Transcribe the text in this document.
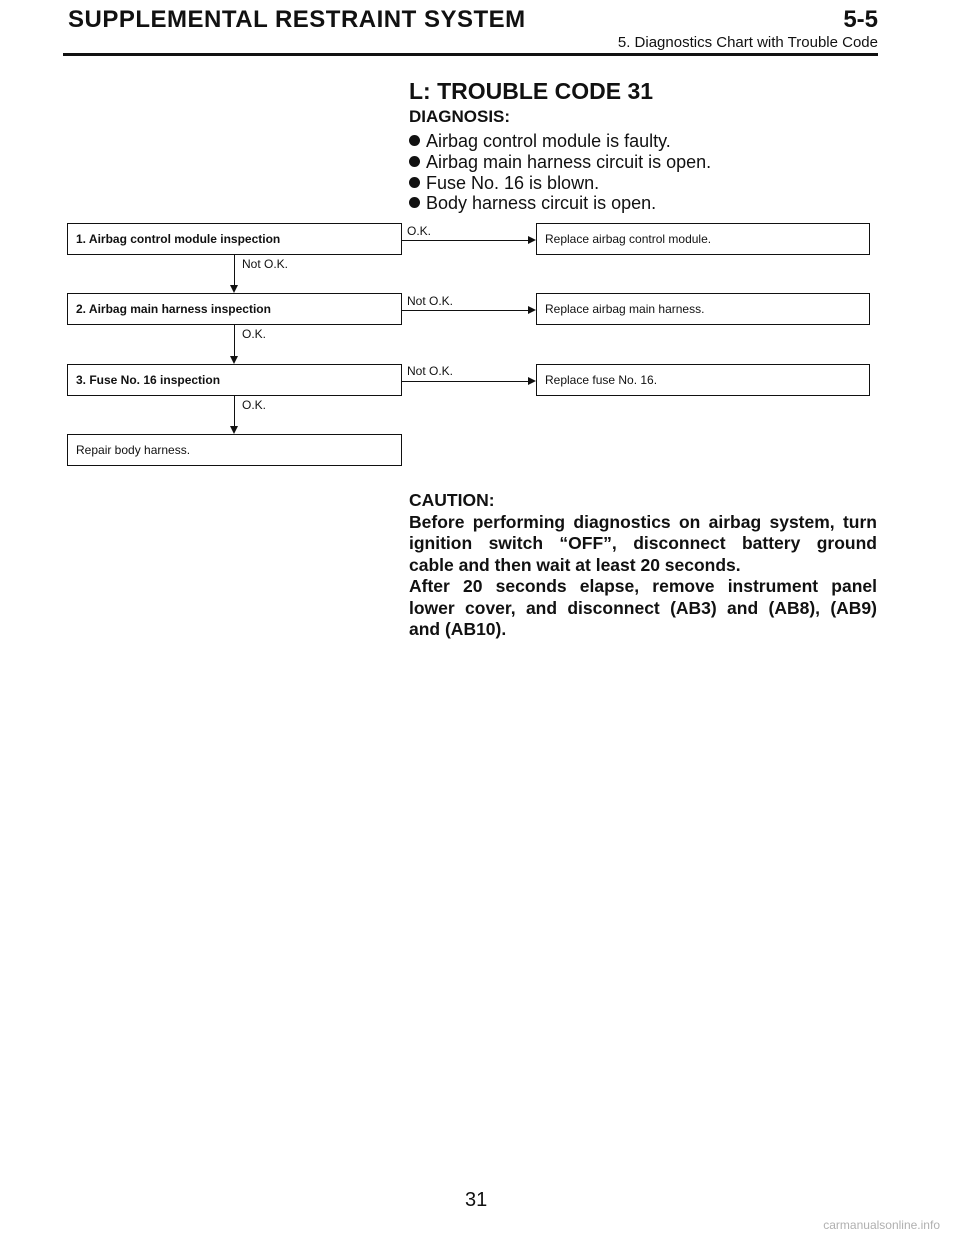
SUPPLEMENTAL RESTRAINT SYSTEM	5-5
5. Diagnostics Chart with Trouble Code
L: TROUBLE CODE 31
DIAGNOSIS:
Airbag control module is faulty.
Airbag main harness circuit is open.
Fuse No. 16 is blown.
Body harness circuit is open.
1. Airbag control module inspection
O.K.
Replace airbag control module.
Not O.K.
2. Airbag main harness inspection
Not O.K.
Replace airbag main harness.
O.K.
3. Fuse No. 16 inspection
Not O.K.
Replace fuse No. 16.
O.K.
Repair body harness.
CAUTION:
Before performing diagnostics on airbag system, turn
ignition switch “OFF”, disconnect battery ground
cable and then wait at least 20 seconds.
After 20 seconds elapse, remove instrument panel
lower cover, and disconnect (AB3) and (AB8), (AB9)
and (AB10).
31
carmanualsonline.info
